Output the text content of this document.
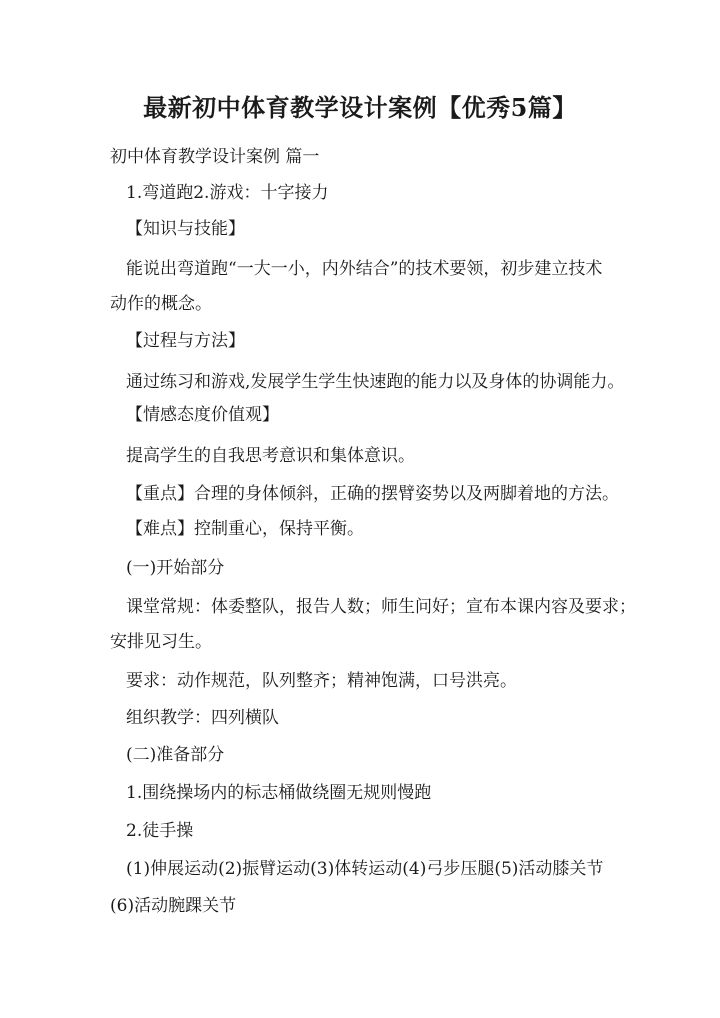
最新初中体育教学设计案例【优秀5篇】
初中体育教学设计案例 篇一
1.弯道跑2.游戏：十字接力
【知识与技能】
能说出弯道跑“一大一小，内外结合”的技术要领，初步建立技术
动作的概念。
【过程与方法】
通过练习和游戏,发展学生学生快速跑的能力以及身体的协调能力。
【情感态度价值观】
提高学生的自我思考意识和集体意识。
【重点】合理的身体倾斜，正确的摆臂姿势以及两脚着地的方法。
【难点】控制重心，保持平衡。
(一)开始部分
课堂常规：体委整队，报告人数；师生问好；宣布本课内容及要求；
安排见习生。
要求：动作规范，队列整齐；精神饱满，口号洪亮。
组织教学：四列横队
(二)准备部分
1.围绕操场内的标志桶做绕圈无规则慢跑
2.徒手操
(1)伸展运动(2)振臂运动(3)体转运动(4)弓步压腿(5)活动膝关节
(6)活动腕踝关节
